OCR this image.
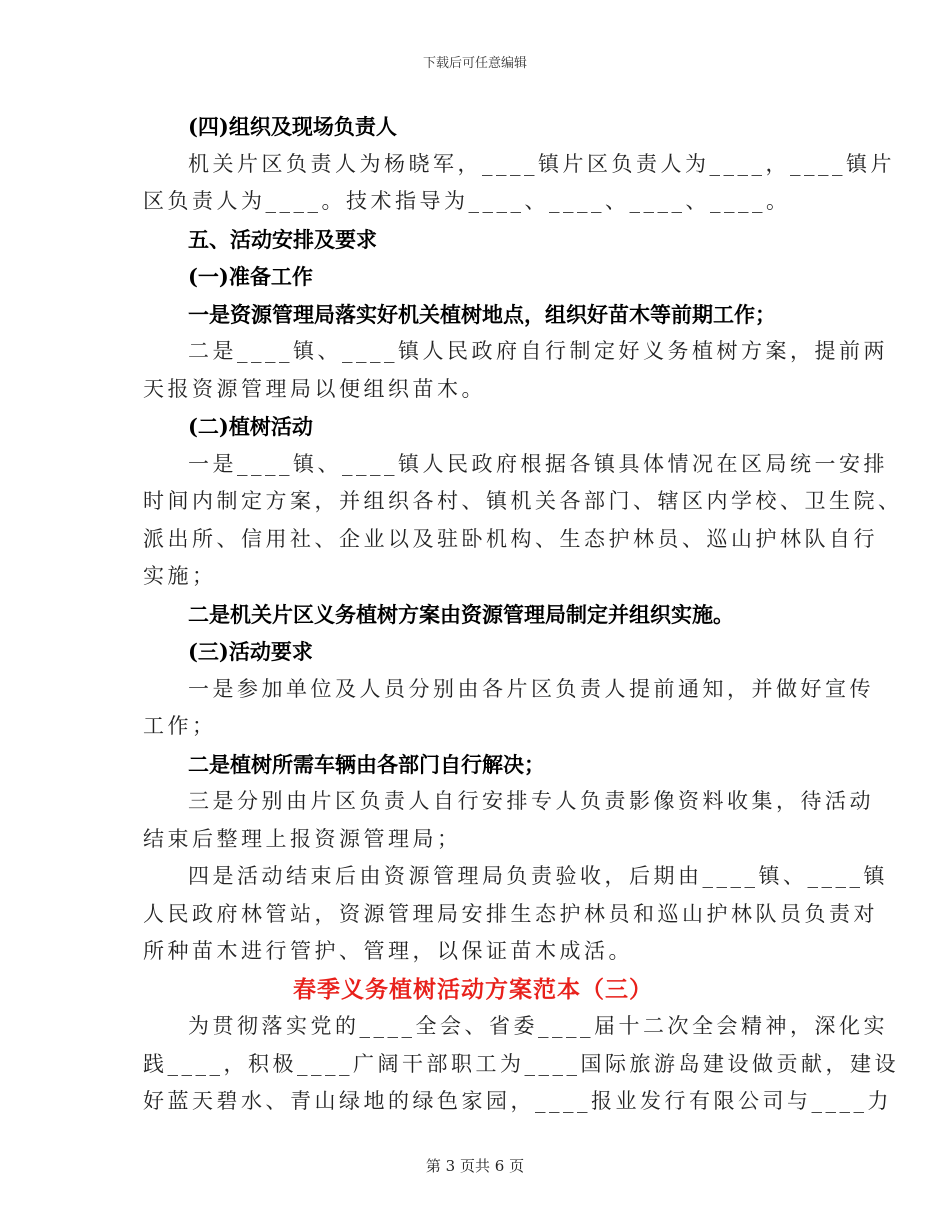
下载后可任意编辑
(四)组织及现场负责人
机关片区负责人为杨晓军，____镇片区负责人为____，____镇片
区负责人为____。技术指导为____、____、____、____。
五、活动安排及要求
(一)准备工作
一是资源管理局落实好机关植树地点，组织好苗木等前期工作；
二是____镇、____镇人民政府自行制定好义务植树方案，提前两
天报资源管理局以便组织苗木。
(二)植树活动
一是____镇、____镇人民政府根据各镇具体情况在区局统一安排
时间内制定方案，并组织各村、镇机关各部门、辖区内学校、卫生院、
派出所、信用社、企业以及驻卧机构、生态护林员、巡山护林队自行
实施；
二是机关片区义务植树方案由资源管理局制定并组织实施。
(三)活动要求
一是参加单位及人员分别由各片区负责人提前通知，并做好宣传
工作；
二是植树所需车辆由各部门自行解决；
三是分别由片区负责人自行安排专人负责影像资料收集，待活动
结束后整理上报资源管理局；
四是活动结束后由资源管理局负责验收，后期由____镇、____镇
人民政府林管站，资源管理局安排生态护林员和巡山护林队员负责对
所种苗木进行管护、管理，以保证苗木成活。
春季义务植树活动方案范本（三）
为贯彻落实党的____全会、省委____届十二次全会精神，深化实
践____，积极____广阔干部职工为____国际旅游岛建设做贡献，建设
好蓝天碧水、青山绿地的绿色家园，____报业发行有限公司与____力
第 3 页共 6 页
